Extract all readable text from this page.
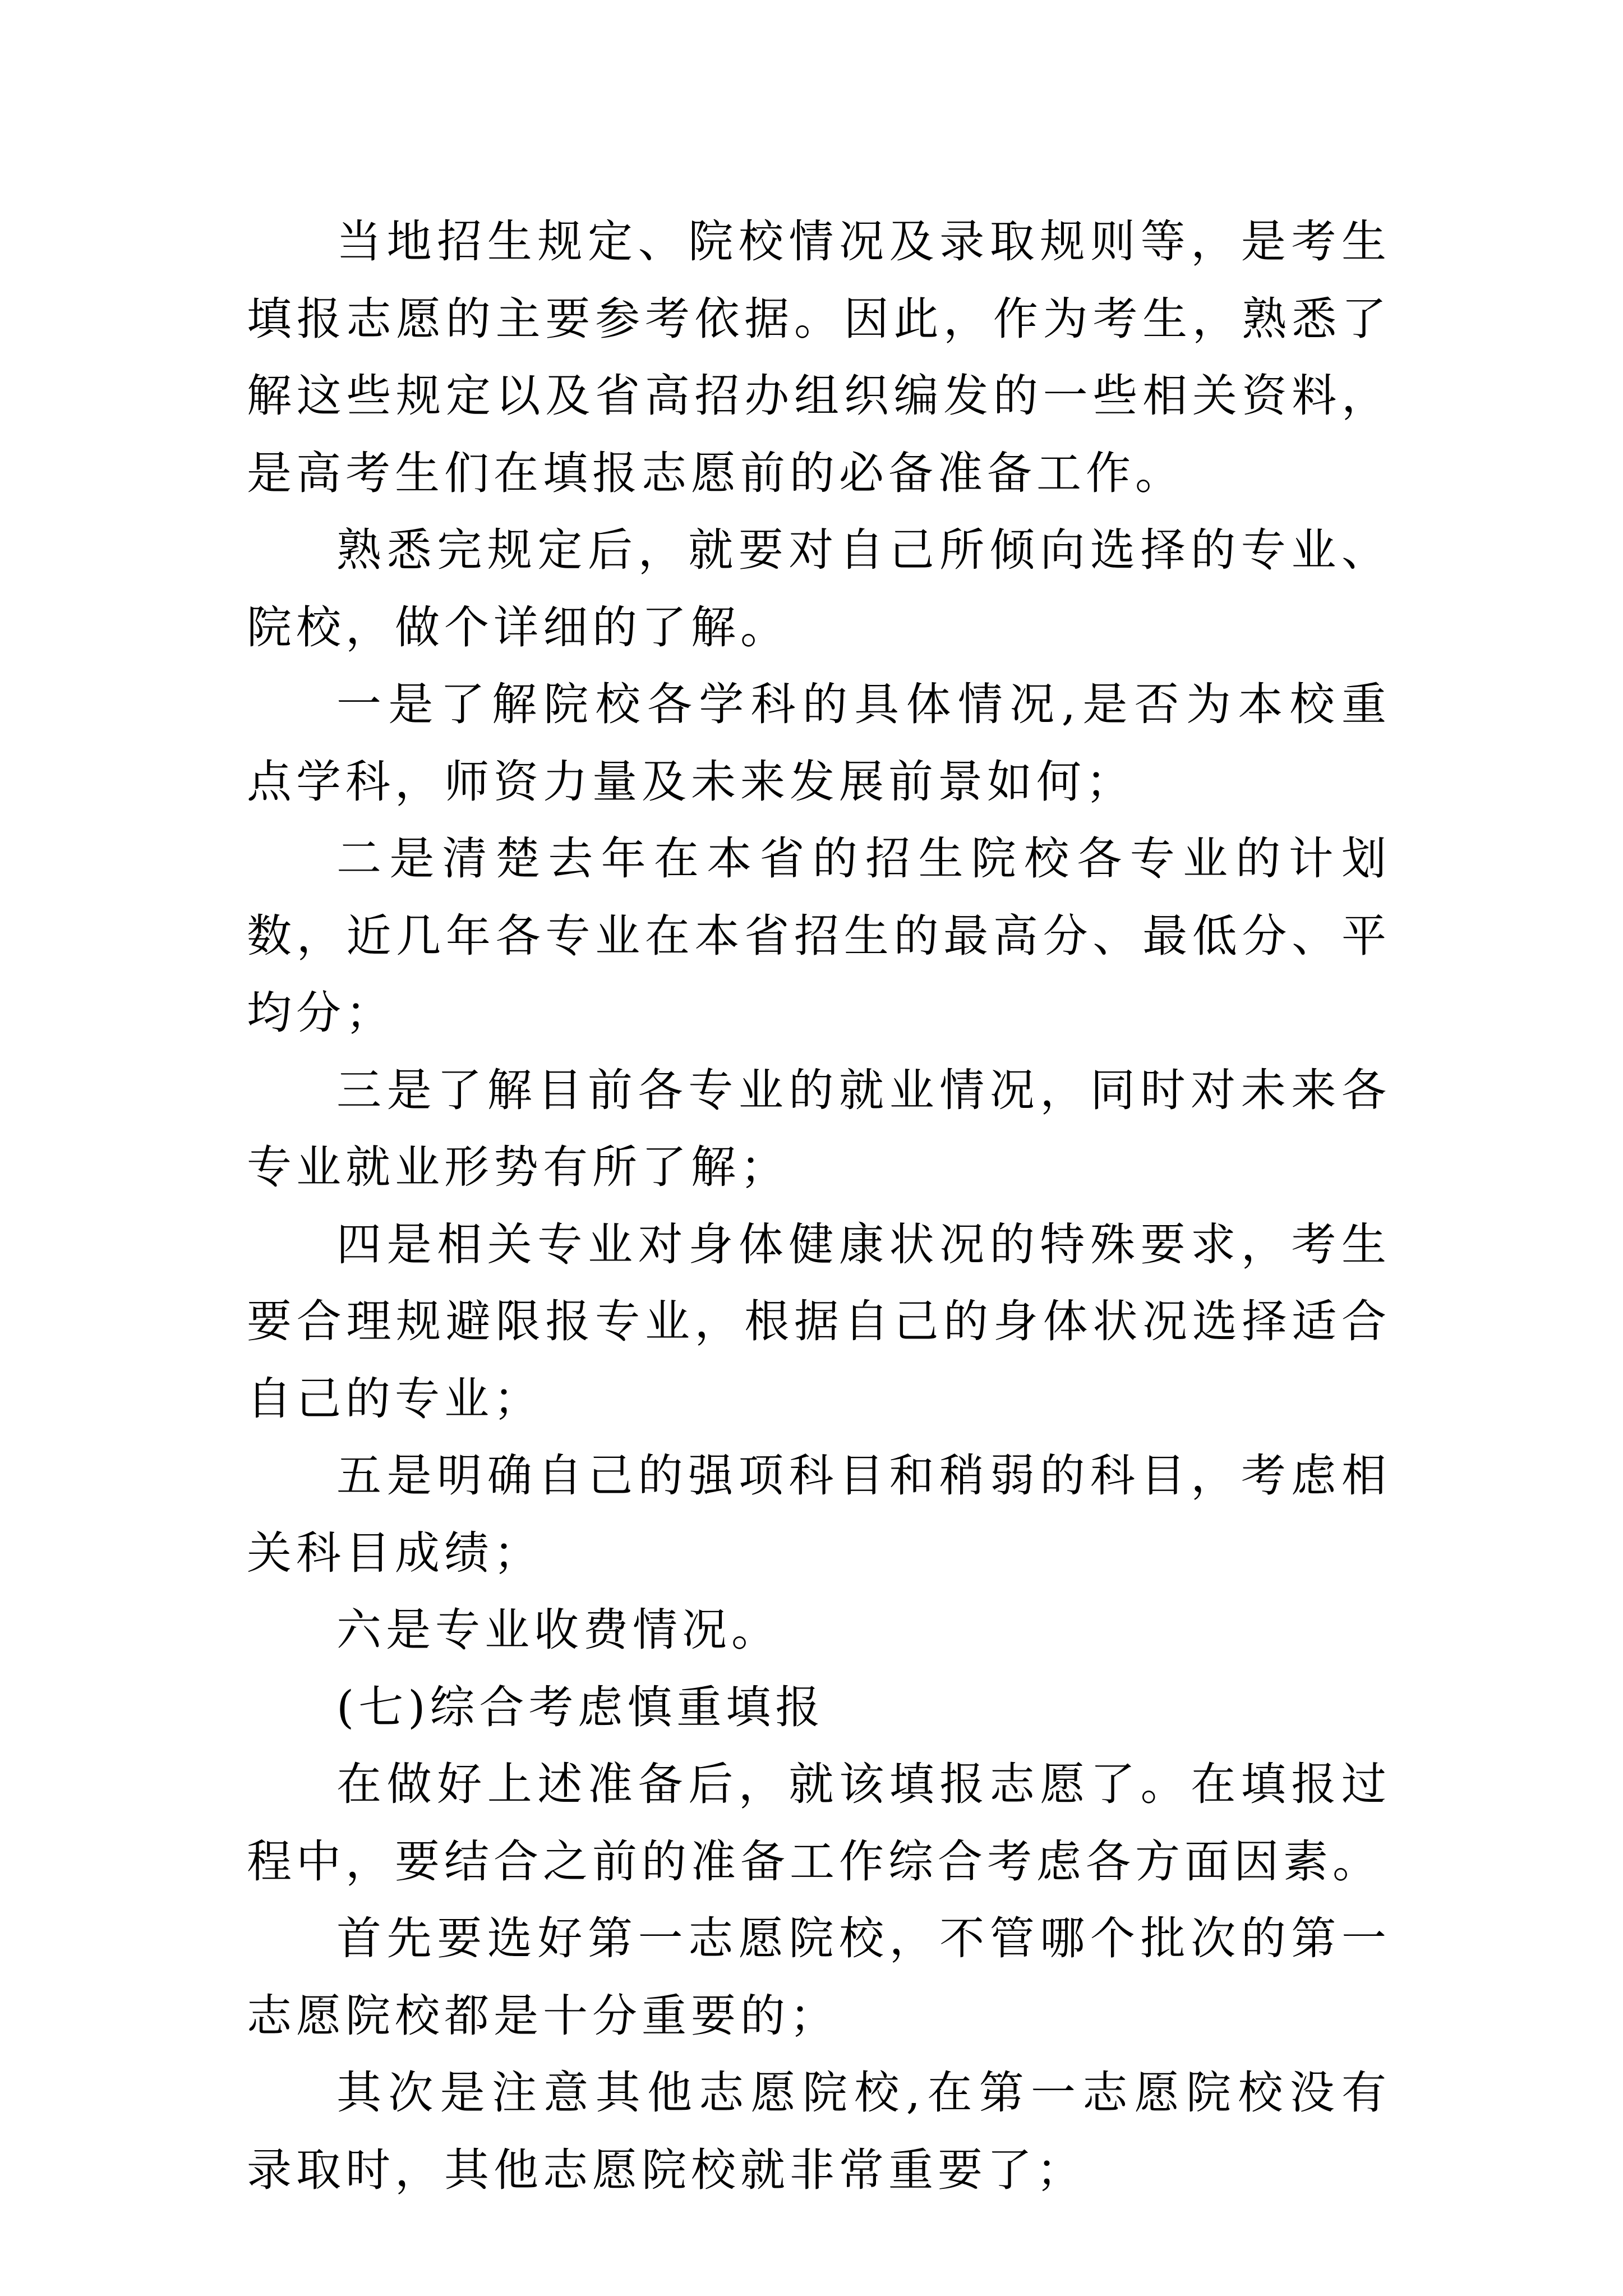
当地招生规定、院校情况及录取规则等，是考生填报志愿的主要参考依据。因此，作为考生，熟悉了解这些规定以及省高招办组织编发的一些相关资料，是高考生们在填报志愿前的必备准备工作。

熟悉完规定后，就要对自己所倾向选择的专业、院校，做个详细的了解。

一是了解院校各学科的具体情况,是否为本校重点学科，师资力量及未来发展前景如何；

二是清楚去年在本省的招生院校各专业的计划数，近几年各专业在本省招生的最高分、最低分、平均分；

三是了解目前各专业的就业情况，同时对未来各专业就业形势有所了解；

四是相关专业对身体健康状况的特殊要求，考生要合理规避限报专业，根据自己的身体状况选择适合自己的专业；

五是明确自己的强项科目和稍弱的科目，考虑相关科目成绩；

六是专业收费情况。

(七)综合考虑慎重填报

在做好上述准备后，就该填报志愿了。在填报过程中，要结合之前的准备工作综合考虑各方面因素。

首先要选好第一志愿院校，不管哪个批次的第一志愿院校都是十分重要的；

其次是注意其他志愿院校,在第一志愿院校没有录取时，其他志愿院校就非常重要了；
